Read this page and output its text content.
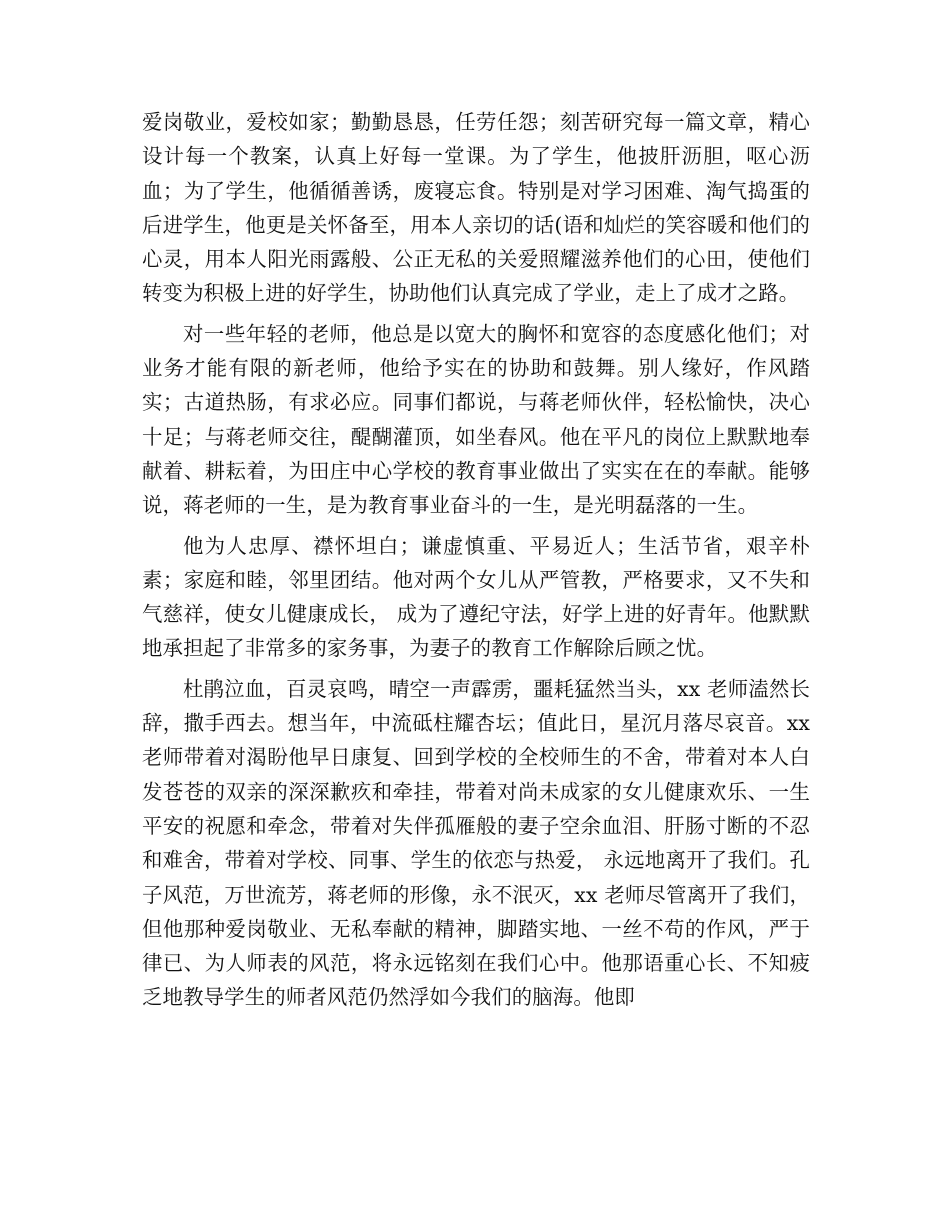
爱岗敬业，爱校如家；勤勤恳恳，任劳任怨；刻苦研究每一篇文章，精心设计每一个教案，认真上好每一堂课。为了学生，他披肝沥胆，呕心沥血；为了学生，他循循善诱，废寝忘食。特别是对学习困难、淘气捣蛋的后进学生，他更是关怀备至，用本人亲切的话(语和灿烂的笑容暖和他们的心灵，用本人阳光雨露般、公正无私的关爱照耀滋养他们的心田，使他们转变为积极上进的好学生，协助他们认真完成了学业，走上了成才之路。

对一些年轻的老师，他总是以宽大的胸怀和宽容的态度感化他们；对业务才能有限的新老师，他给予实在的协助和鼓舞。别人缘好，作风踏实；古道热肠，有求必应。同事们都说，与蒋老师伙伴，轻松愉快，决心十足；与蒋老师交往，醍醐灌顶，如坐春风。他在平凡的岗位上默默地奉献着、耕耘着，为田庄中心学校的教育事业做出了实实在在的奉献。能够说，蒋老师的一生，是为教育事业奋斗的一生，是光明磊落的一生。

他为人忠厚、襟怀坦白；谦虚慎重、平易近人；生活节省，艰辛朴素；家庭和睦，邻里团结。他对两个女儿从严管教，严格要求，又不失和气慈祥，使女儿健康成长， 成为了遵纪守法，好学上进的好青年。他默默地承担起了非常多的家务事，为妻子的教育工作解除后顾之忧。

杜鹃泣血，百灵哀鸣，晴空一声霹雳，噩耗猛然当头，xx 老师溘然长辞，撒手西去。想当年，中流砥柱耀杏坛；值此日，星沉月落尽哀音。xx 老师带着对渴盼他早日康复、回到学校的全校师生的不舍，带着对本人白发苍苍的双亲的深深歉疚和牵挂，带着对尚未成家的女儿健康欢乐、一生平安的祝愿和牵念，带着对失伴孤雁般的妻子空余血泪、肝肠寸断的不忍和难舍，带着对学校、同事、学生的依恋与热爱， 永远地离开了我们。孔子风范，万世流芳，蒋老师的形像，永不泯灭，xx 老师尽管离开了我们，但他那种爱岗敬业、无私奉献的精神，脚踏实地、一丝不苟的作风，严于律已、为人师表的风范，将永远铭刻在我们心中。他那语重心长、不知疲乏地教导学生的师者风范仍然浮如今我们的脑海。他即
